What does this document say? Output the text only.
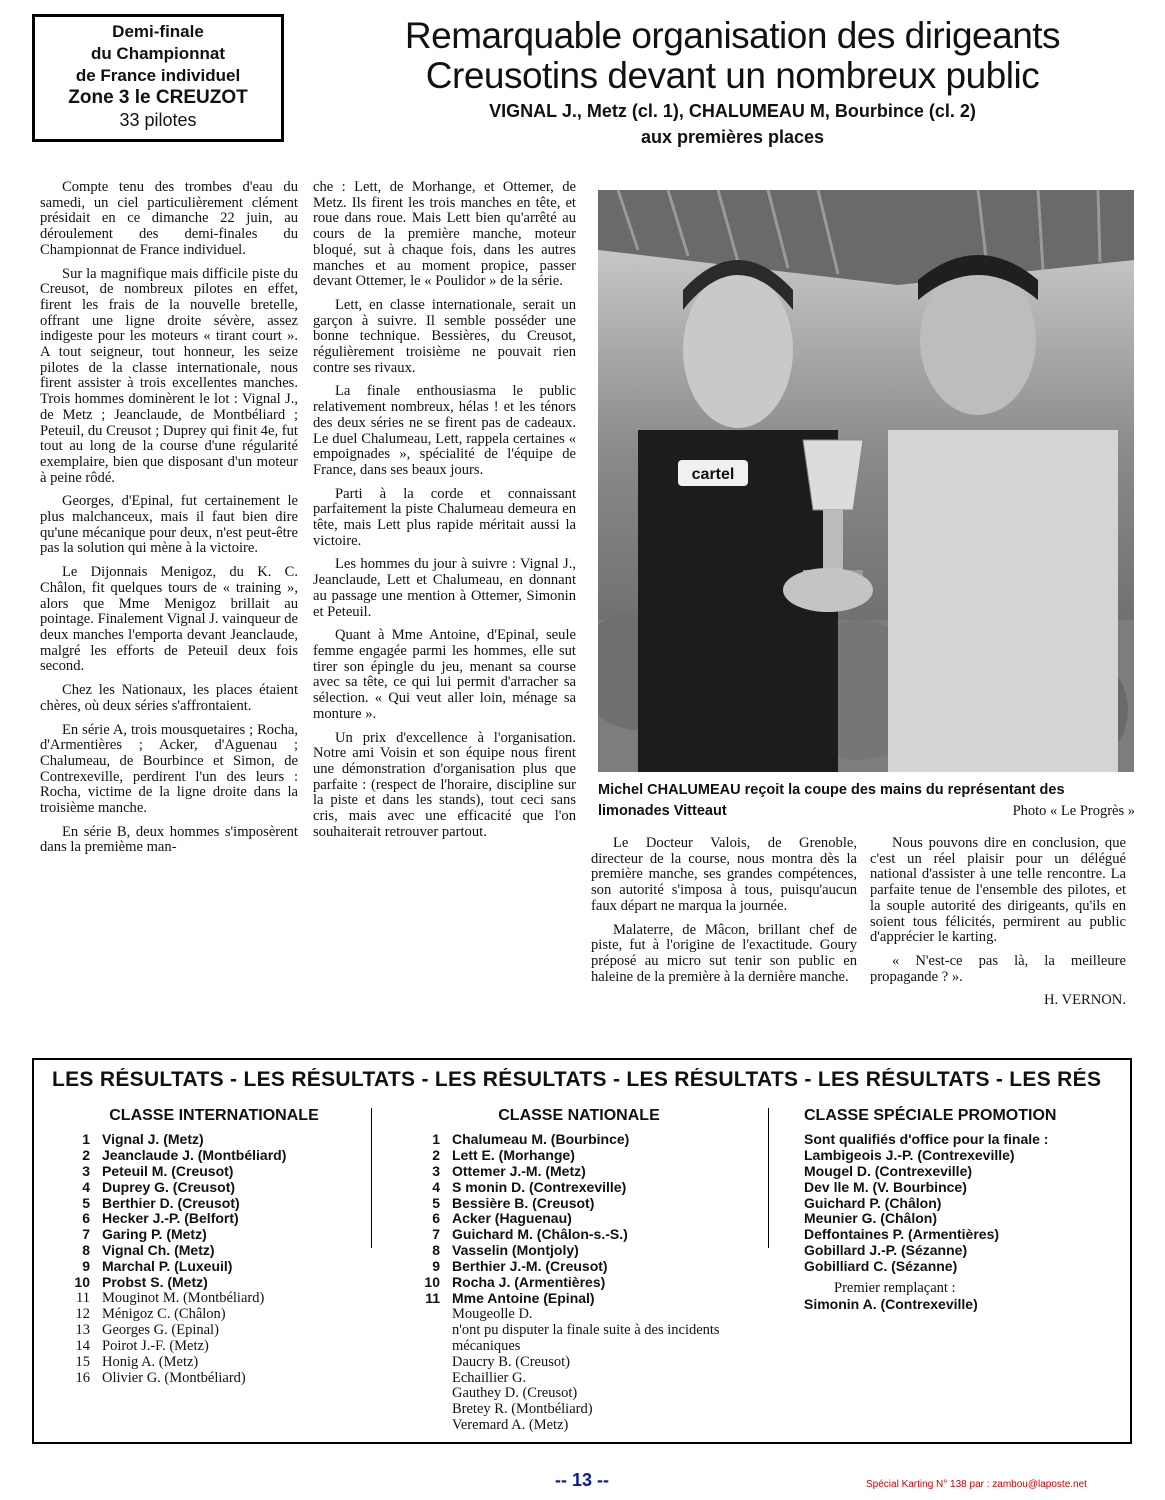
Demi-finale
du Championnat
de France individuel
Zone 3 le CREUZOT
33 pilotes
Remarquable organisation des dirigeants
Creusotins devant un nombreux public
VIGNAL J., Metz (cl. 1), CHALUMEAU M, Bourbince (cl. 2)
aux premières places

Compte tenu des trombes d'eau du samedi, un ciel particulièrement clément présidait en ce dimanche 22 juin, au déroulement des demi-finales du Championnat de France individuel.

Sur la magnifique mais difficile piste du Creusot, de nombreux pilotes en effet, firent les frais de la nouvelle bretelle, offrant une ligne droite sévère, assez indigeste pour les moteurs « tirant court ». A tout seigneur, tout honneur, les seize pilotes de la classe internationale, nous firent assister à trois excellentes manches. Trois hommes dominèrent le lot : Vignal J., de Metz ; Jeanclaude, de Montbéliard ; Peteuil, du Creusot ; Duprey qui finit 4e, fut tout au long de la course d'une régularité exemplaire, bien que disposant d'un moteur à peine rôdé.

Georges, d'Epinal, fut certainement le plus malchanceux, mais il faut bien dire qu'une mécanique pour deux, n'est peut-être pas la solution qui mène à la victoire.

Le Dijonnais Menigoz, du K. C. Châlon, fit quelques tours de « training », alors que Mme Menigoz brillait au pointage. Finalement Vignal J. vainqueur de deux manches l'emporta devant Jeanclaude, malgré les efforts de Peteuil deux fois second.

Chez les Nationaux, les places étaient chères, où deux séries s'affrontaient.

En série A, trois mousquetaires ; Rocha, d'Armentières ; Acker, d'Aguenau ; Chalumeau, de Bourbince et Simon, de Contrexeville, perdirent l'un des leurs : Rocha, victime de la ligne droite dans la troisième manche.

En série B, deux hommes s'imposèrent dans la premième man-

che : Lett, de Morhange, et Ottemer, de Metz. Ils firent les trois manches en tête, et roue dans roue. Mais Lett bien qu'arrêté au cours de la première manche, moteur bloqué, sut à chaque fois, dans les autres manches et au moment propice, passer devant Ottemer, le « Poulidor » de la série.

Lett, en classe internationale, serait un garçon à suivre. Il semble posséder une bonne technique. Bessières, du Creusot, régulièrement troisième ne pouvait rien contre ses rivaux.

La finale enthousiasma le public relativement nombreux, hélas ! et les ténors des deux séries ne se firent pas de cadeaux. Le duel Chalumeau, Lett, rappela certaines « empoignades », spécialité de l'équipe de France, dans ses beaux jours.

Parti à la corde et connaissant parfaitement la piste Chalumeau demeura en tête, mais Lett plus rapide méritait aussi la victoire.

Les hommes du jour à suivre : Vignal J., Jeanclaude, Lett et Chalumeau, en donnant au passage une mention à Ottemer, Simonin et Peteuil.

Quant à Mme Antoine, d'Epinal, seule femme engagée parmi les hommes, elle sut tirer son épingle du jeu, menant sa course avec sa tête, ce qui lui permit d'arracher sa sélection. « Qui veut aller loin, ménage sa monture ».

Un prix d'excellence à l'organisation. Notre ami Voisin et son équipe nous firent une démonstration d'organisation plus que parfaite : (respect de l'horaire, discipline sur la piste et dans les stands), tout ceci sans cris, mais avec une efficacité que l'on souhaiterait retrouver partout.

cartel
Michel CHALUMEAU reçoit la coupe des mains du représentant des limonades Vitteaut	Photo « Le Progrès »

Le Docteur Valois, de Grenoble, directeur de la course, nous montra dès la première manche, ses grandes compétences, son autorité s'imposa à tous, puisqu'aucun faux départ ne marqua la journée.

Malaterre, de Mâcon, brillant chef de piste, fut à l'origine de l'exactitude. Goury préposé au micro sut tenir son public en haleine de la première à la dernière manche.

Nous pouvons dire en conclusion, que c'est un réel plaisir pour un délégué national d'assister à une telle rencontre. La parfaite tenue de l'ensemble des pilotes, et la souple autorité des dirigeants, qu'ils en soient tous félicités, permirent au public d'apprécier le karting.

« N'est-ce pas là, la meilleure propagande ? ».

H. VERNON.
LES RÉSULTATS - LES RÉSULTATS - LES RÉSULTATS - LES RÉSULTATS - LES RÉSULTATS - LES RÉS
CLASSE INTERNATIONALE
1 Vignal J. (Metz)
2 Jeanclaude J. (Montbéliard)
3 Peteuil M. (Creusot)
4 Duprey G. (Creusot)
5 Berthier D. (Creusot)
6 Hecker J.-P. (Belfort)
7 Garing P. (Metz)
8 Vignal Ch. (Metz)
9 Marchal P. (Luxeuil)
10 Probst S. (Metz)
11 Mouginot M. (Montbéliard)
12 Ménigoz C. (Châlon)
13 Georges G. (Epinal)
14 Poirot J.-F. (Metz)
15 Honig A. (Metz)
16 Olivier G. (Montbéliard)
CLASSE NATIONALE
1 Chalumeau M. (Bourbince)
2 Lett E. (Morhange)
3 Ottemer J.-M. (Metz)
4 S monin D. (Contrexeville)
5 Bessière B. (Creusot)
6 Acker (Haguenau)
7 Guichard M. (Châlon-s.-S.)
8 Vasselin (Montjoly)
9 Berthier J.-M. (Creusot)
10 Rocha J. (Armentières)
11 Mme Antoine (Epinal)
Mougeolle D.
n'ont pu disputer la finale suite à des incidents mécaniques
Daucry B. (Creusot)
Echaillier G.
Gauthey D. (Creusot)
Bretey R. (Montbéliard)
Veremard A. (Metz)
CLASSE SPÉCIALE PROMOTION
Sont qualifiés d'office pour la finale :
Lambigeois J.-P. (Contrexeville)
Mougel D. (Contrexeville)
Dev lle M. (V. Bourbince)
Guichard P. (Châlon)
Meunier G. (Châlon)
Deffontaines P. (Armentières)
Gobillard J.-P. (Sézanne)
Gobilliard C. (Sézanne)
Premier remplaçant :
Simonin A. (Contrexeville)
-- 13 --	Spécial Karting N° 138 par : zambou@laposte.net
